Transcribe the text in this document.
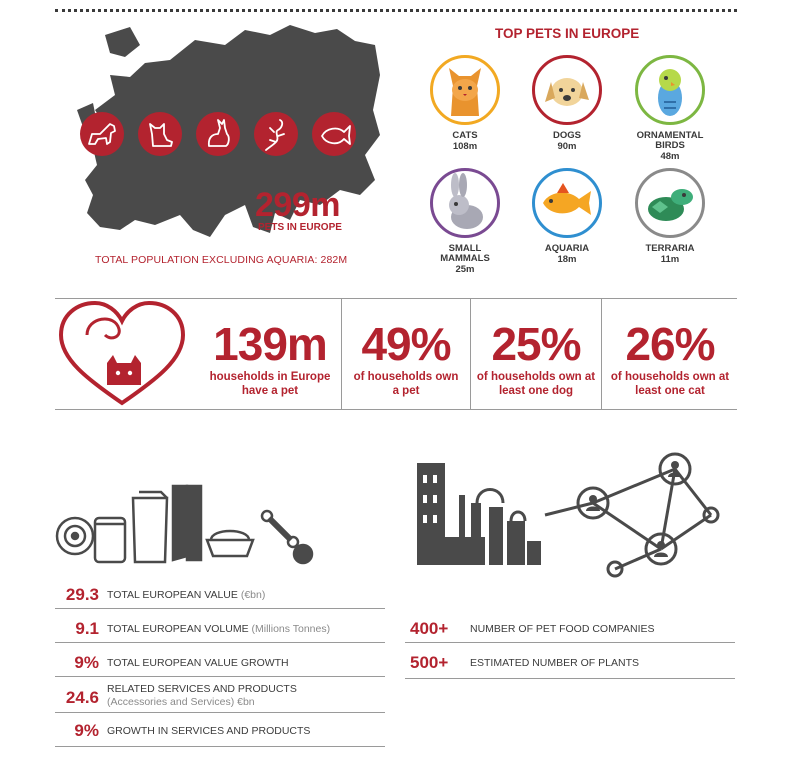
299m
PETS IN EUROPE
TOTAL POPULATION EXCLUDING AQUARIA: 282M
TOP PETS IN EUROPE
CATS
108m
DOGS
90m
ORNAMENTAL
BIRDS
48m
SMALL
MAMMALS
25m
AQUARIA
18m
TERRARIA
11m
139m
households in Europe
have a pet
49%
of households own
a pet
25%
of households own at
least one dog
26%
of households own at
least one cat
29.3 TOTAL EUROPEAN VALUE (€bn)
9.1 TOTAL EUROPEAN VOLUME (Millions Tonnes)
9% TOTAL EUROPEAN VALUE GROWTH
24.6 RELATED SERVICES AND PRODUCTS
(Accessories and Services) €bn
9% GROWTH IN SERVICES AND PRODUCTS
400+ NUMBER OF PET FOOD COMPANIES
500+ ESTIMATED NUMBER OF PLANTS
